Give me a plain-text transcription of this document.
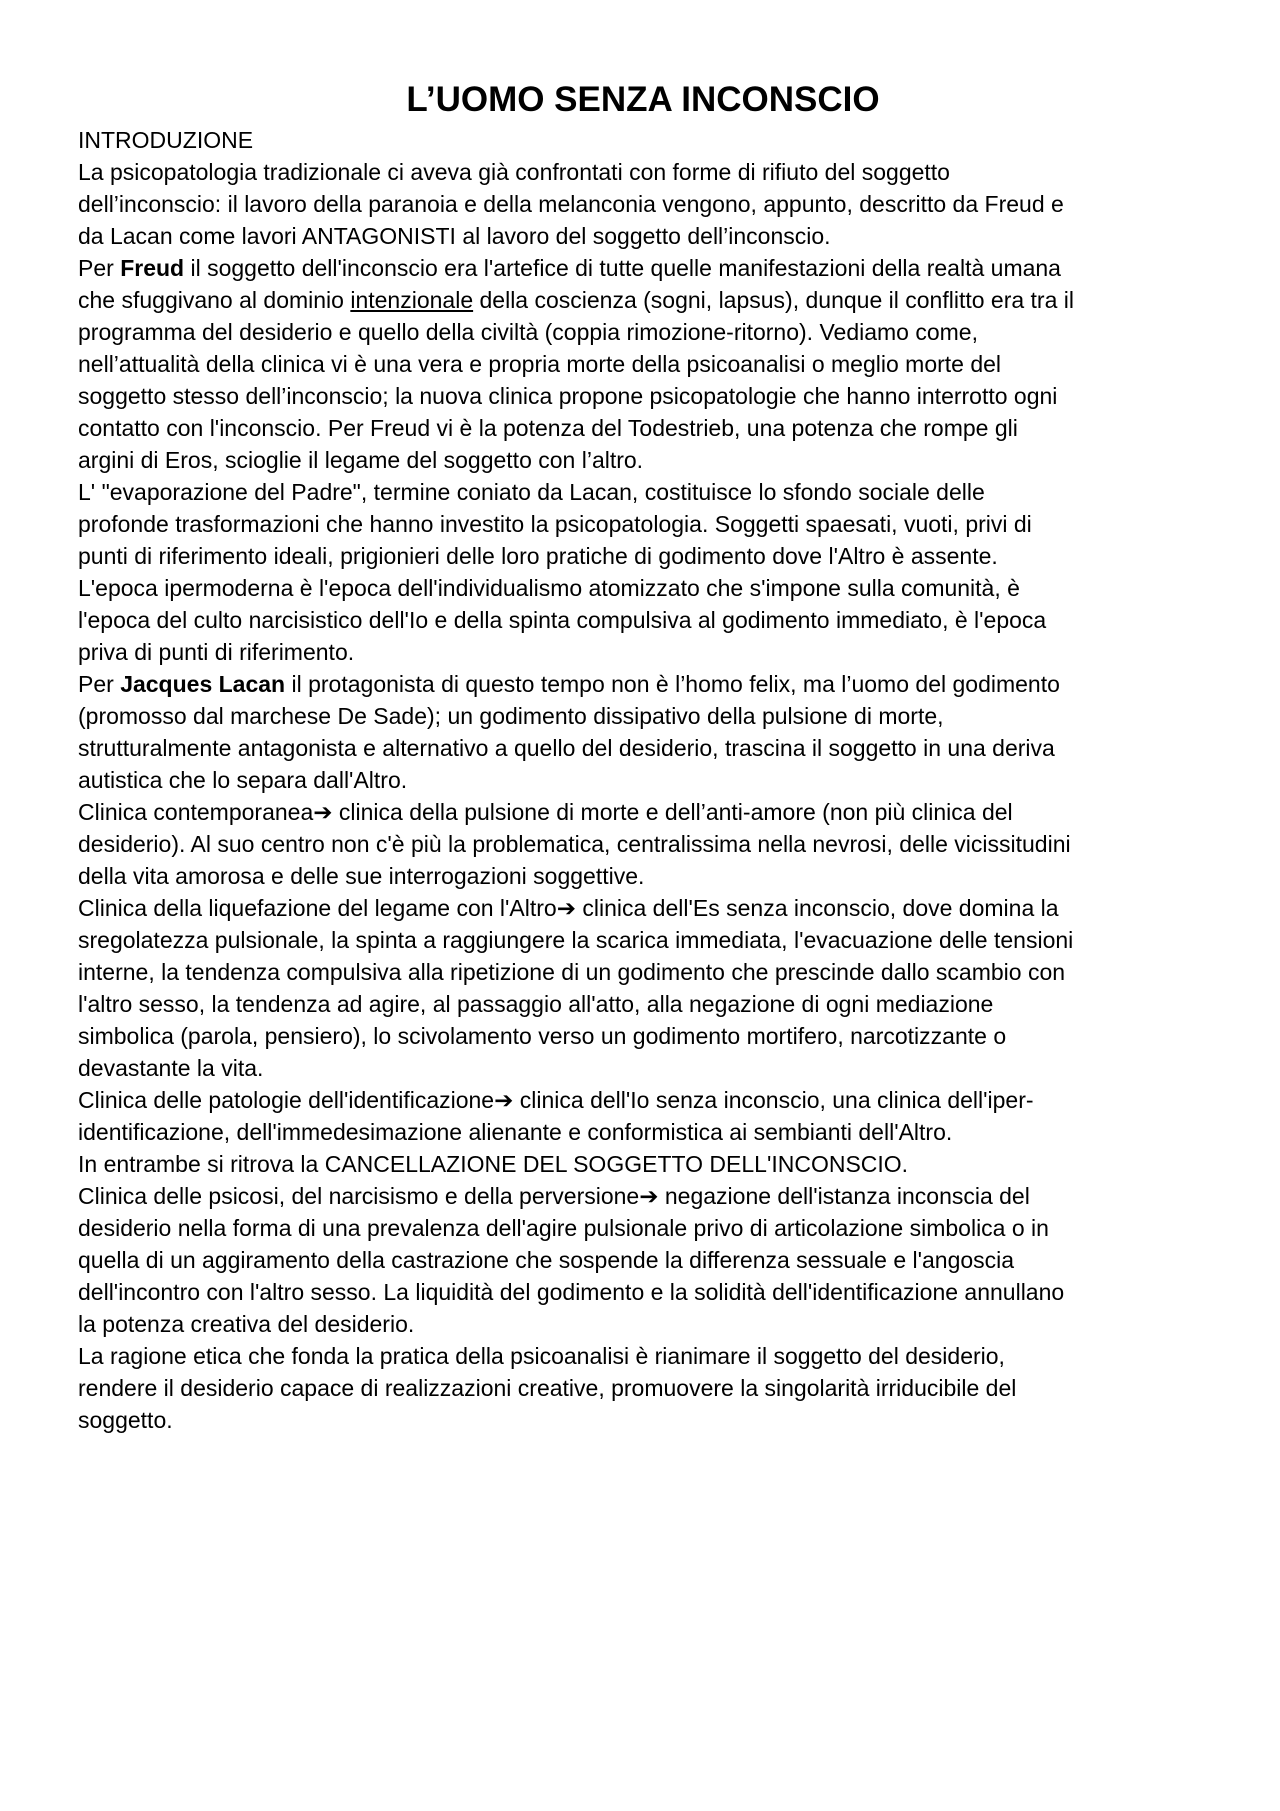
L’UOMO SENZA INCONSCIO
INTRODUZIONE
La psicopatologia tradizionale ci aveva già confrontati con forme di rifiuto del soggetto
dell’inconscio: il lavoro della paranoia e della melanconia vengono, appunto, descritto da Freud e
da Lacan come lavori ANTAGONISTI al lavoro del soggetto dell’inconscio.
Per Freud il soggetto dell'inconscio era l'artefice di tutte quelle manifestazioni della realtà umana
che sfuggivano al dominio intenzionale della coscienza (sogni, lapsus), dunque il conflitto era tra il
programma del desiderio e quello della civiltà (coppia rimozione-ritorno). Vediamo come,
nell’attualità della clinica vi è una vera e propria morte della psicoanalisi o meglio morte del
soggetto stesso dell’inconscio; la nuova clinica propone psicopatologie che hanno interrotto ogni
contatto con l'inconscio. Per Freud vi è la potenza del Todestrieb, una potenza che rompe gli
argini di Eros, scioglie il legame del soggetto con l’altro.
L' "evaporazione del Padre", termine coniato da Lacan, costituisce lo sfondo sociale delle
profonde trasformazioni che hanno investito la psicopatologia. Soggetti spaesati, vuoti, privi di
punti di riferimento ideali, prigionieri delle loro pratiche di godimento dove l'Altro è assente.
L'epoca ipermoderna è l'epoca dell'individualismo atomizzato che s'impone sulla comunità, è
l'epoca del culto narcisistico dell'Io e della spinta compulsiva al godimento immediato, è l'epoca
priva di punti di riferimento.
Per Jacques Lacan il protagonista di questo tempo non è l’homo felix, ma l’uomo del godimento
(promosso dal marchese De Sade); un godimento dissipativo della pulsione di morte,
strutturalmente antagonista e alternativo a quello del desiderio, trascina il soggetto in una deriva
autistica che lo separa dall'Altro.
Clinica contemporanea➔ clinica della pulsione di morte e dell’anti-amore (non più clinica del
desiderio). Al suo centro non c'è più la problematica, centralissima nella nevrosi, delle vicissitudini
della vita amorosa e delle sue interrogazioni soggettive.
Clinica della liquefazione del legame con l'Altro➔ clinica dell'Es senza inconscio, dove domina la
sregolatezza pulsionale, la spinta a raggiungere la scarica immediata, l'evacuazione delle tensioni
interne, la tendenza compulsiva alla ripetizione di un godimento che prescinde dallo scambio con
l'altro sesso, la tendenza ad agire, al passaggio all'atto, alla negazione di ogni mediazione
simbolica (parola, pensiero), lo scivolamento verso un godimento mortifero, narcotizzante o
devastante la vita.
Clinica delle patologie dell'identificazione➔ clinica dell'Io senza inconscio, una clinica dell'iper-
identificazione, dell'immedesimazione alienante e conformistica ai sembianti dell'Altro.
In entrambe si ritrova la CANCELLAZIONE DEL SOGGETTO DELL'INCONSCIO.
Clinica delle psicosi, del narcisismo e della perversione➔ negazione dell'istanza inconscia del
desiderio nella forma di una prevalenza dell'agire pulsionale privo di articolazione simbolica o in
quella di un aggiramento della castrazione che sospende la differenza sessuale e l'angoscia
dell'incontro con l'altro sesso. La liquidità del godimento e la solidità dell'identificazione annullano
la potenza creativa del desiderio.
La ragione etica che fonda la pratica della psicoanalisi è rianimare il soggetto del desiderio,
rendere il desiderio capace di realizzazioni creative, promuovere la singolarità irriducibile del
soggetto.
